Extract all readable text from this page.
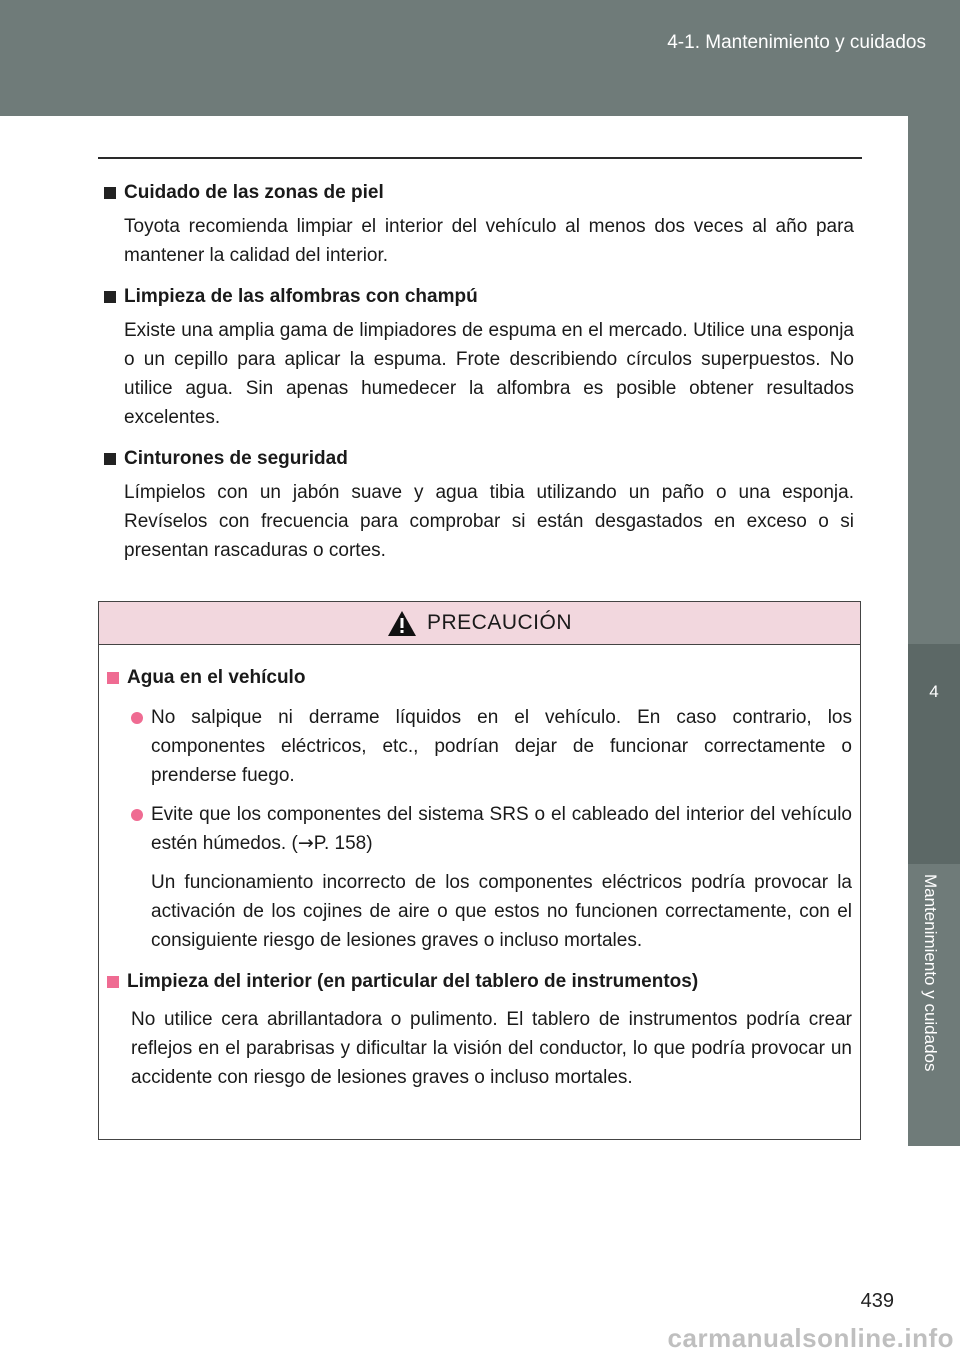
4-1. Mantenimiento y cuidados
4
Mantenimiento y cuidados
Cuidado de las zonas de piel

Toyota recomienda limpiar el interior del vehículo al menos dos veces al año para mantener la calidad del interior.

Limpieza de las alfombras con champú

Existe una amplia gama de limpiadores de espuma en el mercado. Utilice una esponja o un cepillo para aplicar la espuma. Frote describiendo círculos superpuestos. No utilice agua. Sin apenas humedecer la alfombra es posible obtener resultados excelentes.

Cinturones de seguridad

Límpielos con un jabón suave y agua tibia utilizando un paño o una esponja. Revíselos con frecuencia para comprobar si están desgastados en exceso o si presentan rascaduras o cortes.

PRECAUCIÓN
Agua en el vehículo
No salpique ni derrame líquidos en el vehículo. En caso contrario, los componentes eléctricos, etc., podrían dejar de funcionar correctamente o prenderse fuego.
Evite que los componentes del sistema SRS o el cableado del interior del vehículo estén húmedos. (→P. 158)

Un funcionamiento incorrecto de los componentes eléctricos podría provocar la activación de los cojines de aire o que estos no funcionen correctamente, con el consiguiente riesgo de lesiones graves o incluso mortales.

Limpieza del interior (en particular del tablero de instrumentos)

No utilice cera abrillantadora o pulimento. El tablero de instrumentos podría crear reflejos en el parabrisas y dificultar la visión del conductor, lo que podría provocar un accidente con riesgo de lesiones graves o incluso mortales.

439
carmanualsonline.info
